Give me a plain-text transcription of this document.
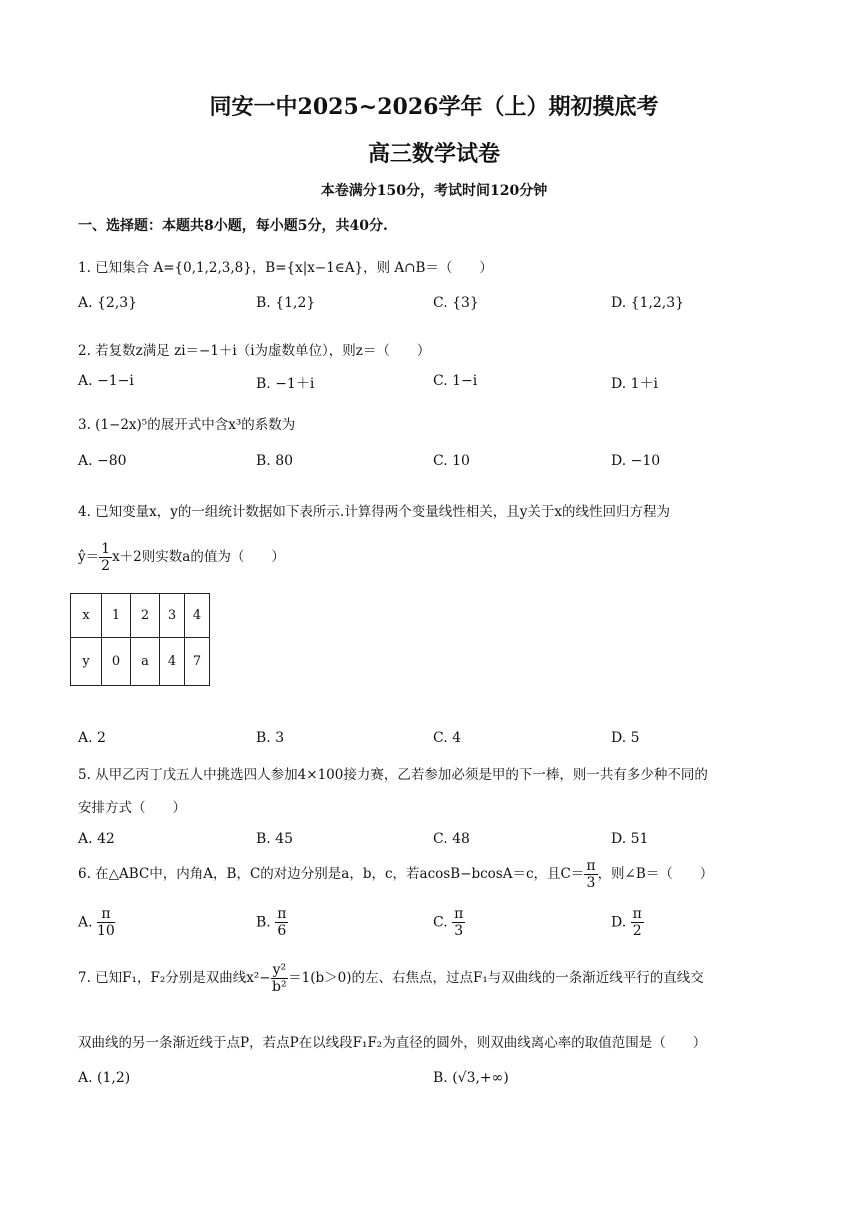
同安一中2025~2026学年（上）期初摸底考
高三数学试卷
本卷满分150分，考试时间120分钟
一、选择题：本题共8小题，每小题5分，共40分.
1. 已知集合 A={0,1,2,3,8}，B={x|x−1∈A}，则 A∩B＝（　　）
A. {2,3}	B. {1,2}	C. {3}	D. {1,2,3}
2. 若复数z满足 zi＝−1＋i（i为虚数单位），则z＝（　　）
A. −1−i	B. −1＋i	C. 1−i	D. 1＋i
3. (1−2x)⁵的展开式中含x³的系数为
A. −80	B. 80	C. 10	D. −10
4. 已知变量x，y的一组统计数据如下表所示.计算得两个变量线性相关，且y关于x的线性回归方程为
ŷ＝ $\frac{1}{2} x+2$则实数a的值为（　　）
x	1	2	3	4
y	0	a	4	7
A. 2	B. 3	C. 4	D. 5
5. 从甲乙丙丁戊五人中挑选四人参加4×100接力赛，乙若参加必须是甲的下一棒，则一共有多少种不同的
安排方式（　　）
A. 42	B. 45	C. 48	D. 51
6. 在△ABC中，内角A，B，C的对边分别是a，b，c，若acosB−bcosA＝c，且$C= \frac{\pi}{3}$ ，则∠B＝（　　）
A. $\frac{\pi}{10}$	B. $\frac{\pi}{6}$	C. $\frac{\pi}{3}$	D. $\frac{\pi}{2}$
7. 已知F₁，F₂分别是双曲线$x^2- \frac{\text{y²}}{\text{b²}} =1(b>0)$的左、右焦点，过点F₁与双曲线的一条渐近线平行的直线交
双曲线的另一条渐近线于点P，若点P在以线段F₁F₂为直径的圆外，则双曲线离心率的取值范围是（　　）
A. (1,2)	B. (√3,+∞)
